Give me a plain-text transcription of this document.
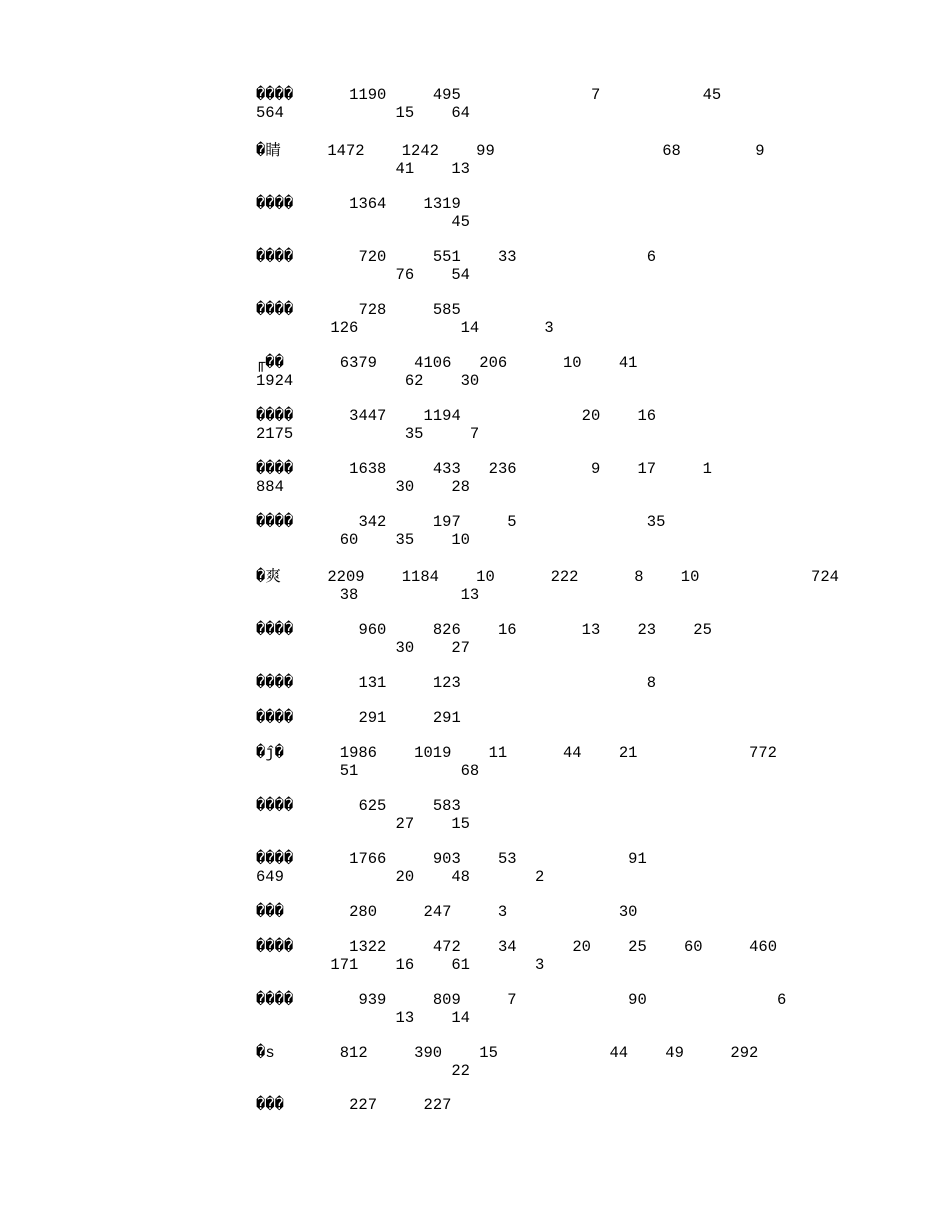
����      1190     495              7           45
564            15    64
�睛     1472    1242    99                  68        9
41    13
����      1364    1319
45
����       720     551    33              6
76    54
����       728     585
126           14       3
╓��      6379    4106   206      10    41
1924            62    30
����      3447    1194             20    16
2175            35     7
����      1638     433   236        9    17     1
884            30    28
����       342     197     5              35
60    35    10
�爽     2209    1184    10      222      8    10            724
38           13
����       960     826    16       13    23    25
30    27
����       131     123                    8
����       291     291
�ĵ�      1986    1019    11      44    21            772
51           68
����       625     583
27    15
����      1766     903    53            91
649            20    48       2
���       280     247     3            30
����      1322     472    34      20    25    60     460
171    16    61       3
����       939     809     7            90              6
13    14
�s       812     390    15            44    49     292
22
���       227     227
